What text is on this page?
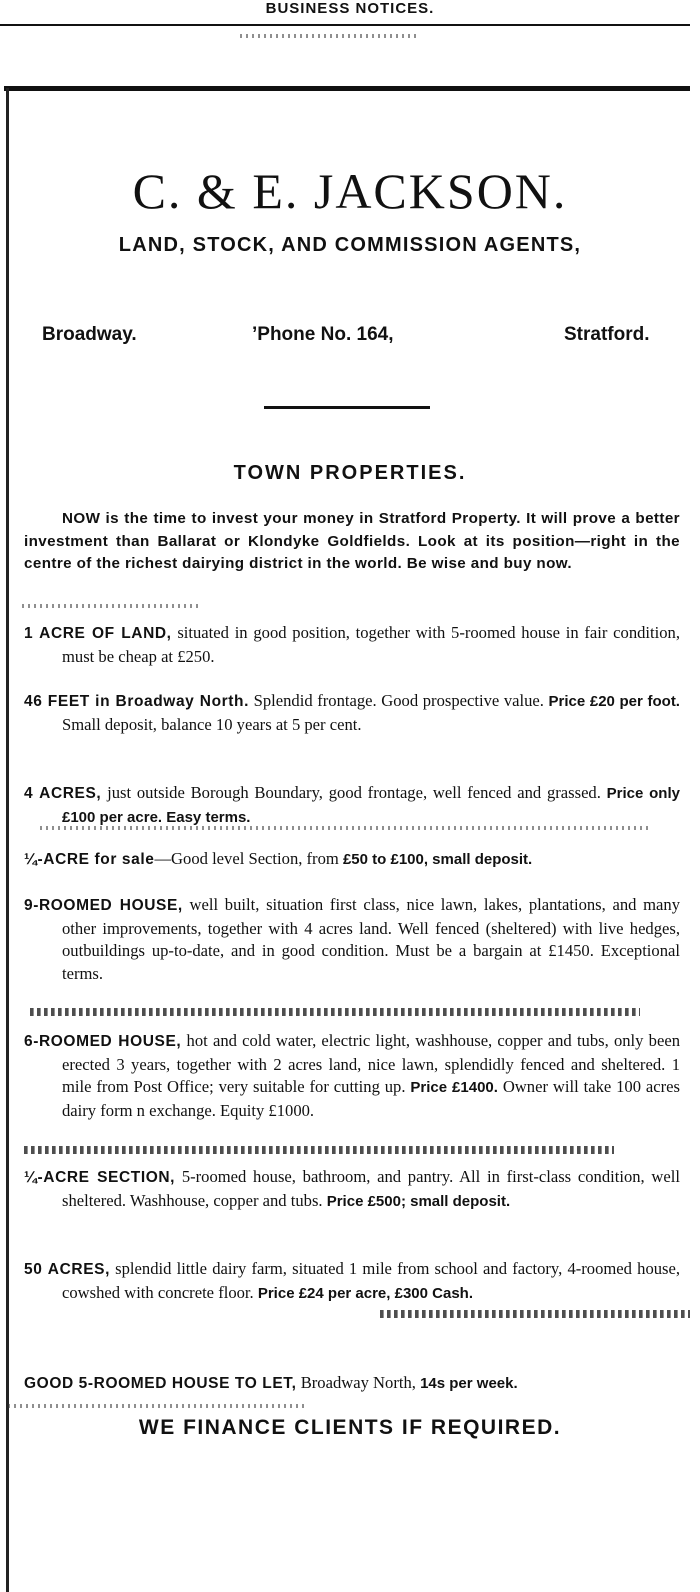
BUSINESS NOTICES.
C. & E. JACKSON.
LAND, STOCK, AND COMMISSION AGENTS,
Broadway.	’Phone No. 164,	Stratford.
TOWN PROPERTIES.
NOW is the time to invest your money in Stratford Property. It will prove a better investment than Ballarat or Klondyke Goldfields. Look at its position—right in the centre of the richest dairying district in the world. Be wise and buy now.
1 ACRE OF LAND, situated in good position, together with 5-roomed house in fair condition, must be cheap at £250.
46 FEET in Broadway North. Splendid frontage. Good prospective value. Price £20 per foot. Small deposit, balance 10 years at 5 per cent.
4 ACRES, just outside Borough Boundary, good frontage, well fenced and grassed. Price only £100 per acre. Easy terms.
¼-ACRE for sale—Good level Section, from £50 to £100, small deposit.
9-ROOMED HOUSE, well built, situation first class, nice lawn, lakes, plantations, and many other improvements, together with 4 acres land. Well fenced (sheltered) with live hedges, outbuildings up-to-date, and in good condition. Must be a bargain at £1450. Exceptional terms.
6-ROOMED HOUSE, hot and cold water, electric light, washhouse, copper and tubs, only been erected 3 years, together with 2 acres land, nice lawn, splendidly fenced and sheltered. 1 mile from Post Office; very suitable for cutting up. Price £1400. Owner will take 100 acres dairy form n exchange. Equity £1000.
¼-ACRE SECTION, 5-roomed house, bathroom, and pantry. All in first-class condition, well sheltered. Washhouse, copper and tubs. Price £500; small deposit.
50 ACRES, splendid little dairy farm, situated 1 mile from school and factory, 4-roomed house, cowshed with concrete floor. Price £24 per acre, £300 Cash.
GOOD 5-ROOMED HOUSE TO LET, Broadway North, 14s per week.
WE FINANCE CLIENTS IF REQUIRED.
